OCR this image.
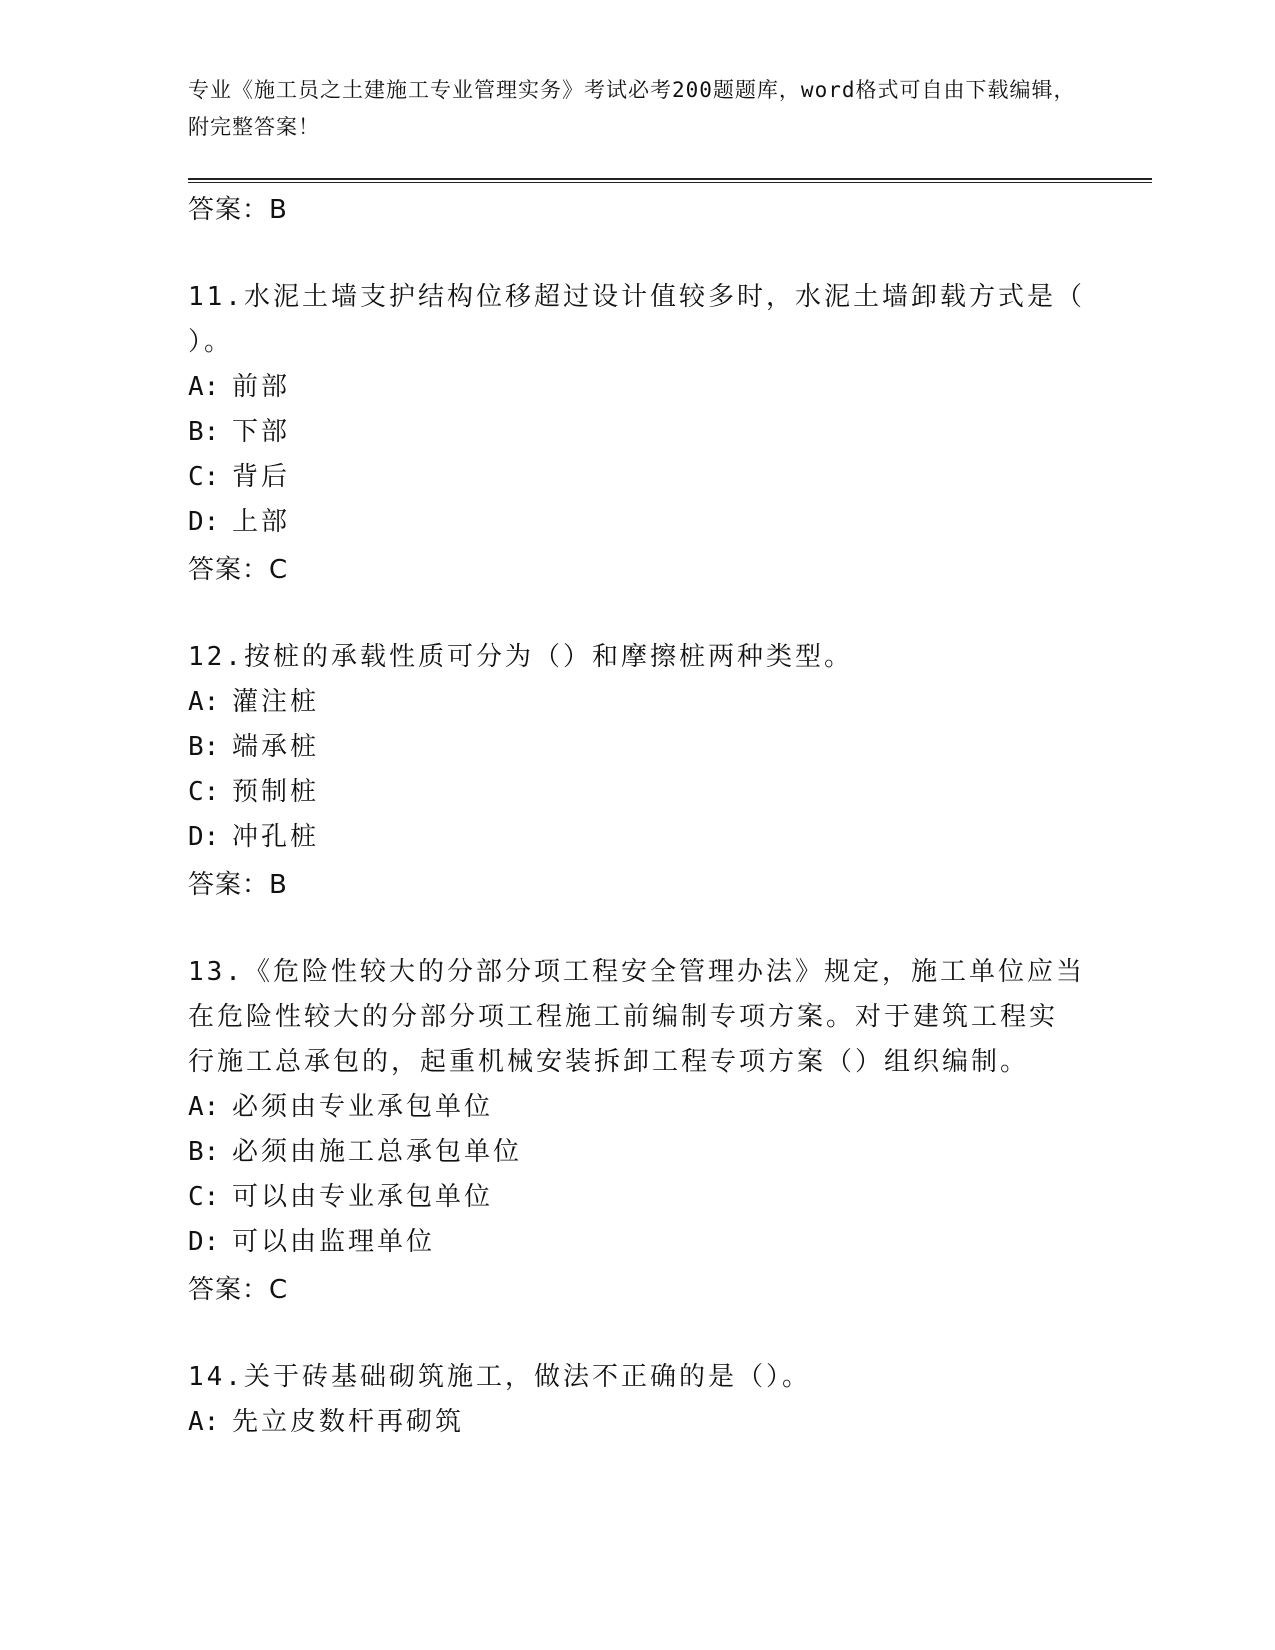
专业《施工员之土建施工专业管理实务》考试必考200题题库，word格式可自由下载编辑，附完整答案！
答案：B
11.水泥土墙支护结构位移超过设计值较多时，水泥土墙卸载方式是（
）。
A: 前部
B: 下部
C: 背后
D: 上部
答案：C
12.按桩的承载性质可分为（）和摩擦桩两种类型。
A: 灌注桩
B: 端承桩
C: 预制桩
D: 冲孔桩
答案：B
13.《危险性较大的分部分项工程安全管理办法》规定，施工单位应当
在危险性较大的分部分项工程施工前编制专项方案。对于建筑工程实
行施工总承包的，起重机械安装拆卸工程专项方案（）组织编制。
A: 必须由专业承包单位
B: 必须由施工总承包单位
C: 可以由专业承包单位
D: 可以由监理单位
答案：C
14.关于砖基础砌筑施工，做法不正确的是（）。
A: 先立皮数杆再砌筑
